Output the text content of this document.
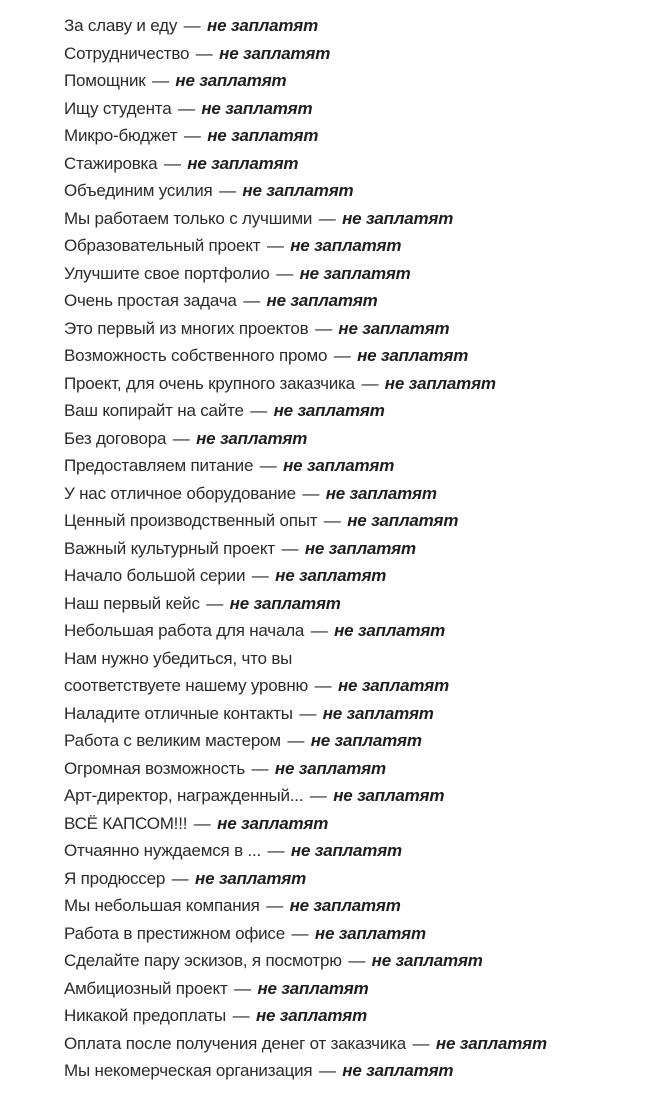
За славу и еду — не заплатят
Сотрудничество — не заплатят
Помощник — не заплатят
Ищу студента — не заплатят
Микро-бюджет — не заплатят
Стажировка — не заплатят
Объединим усилия — не заплатят
Мы работаем только с лучшими — не заплатят
Образовательный проект — не заплатят
Улучшите свое портфолио — не заплатят
Очень простая задача — не заплатят
Это первый из многих проектов — не заплатят
Возможность собственного промо — не заплатят
Проект, для очень крупного заказчика — не заплатят
Ваш копирайт на сайте — не заплатят
Без договора — не заплатят
Предоставляем питание — не заплатят
У нас отличное оборудование — не заплатят
Ценный производственный опыт — не заплатят
Важный культурный проект — не заплатят
Начало большой серии — не заплатят
Наш первый кейс — не заплатят
Небольшая работа для начала — не заплатят
Нам нужно убедиться, что вы
соответствуете нашему уровню — не заплатят
Наладите отличные контакты — не заплатят
Работа с великим мастером — не заплатят
Огромная возможность — не заплатят
Арт-директор, награжденный... — не заплатят
ВСЁ КАПСОМ!!! — не заплатят
Отчаянно нуждаемся в ... — не заплатят
Я продюссер — не заплатят
Мы небольшая компания — не заплатят
Работа в престижном офисе — не заплатят
Сделайте пару эскизов, я посмотрю — не заплатят
Амбициозный проект — не заплатят
Никакой предоплаты — не заплатят
Оплата после получения денег от заказчика — не заплатят
Мы некомерческая организация — не заплатят
